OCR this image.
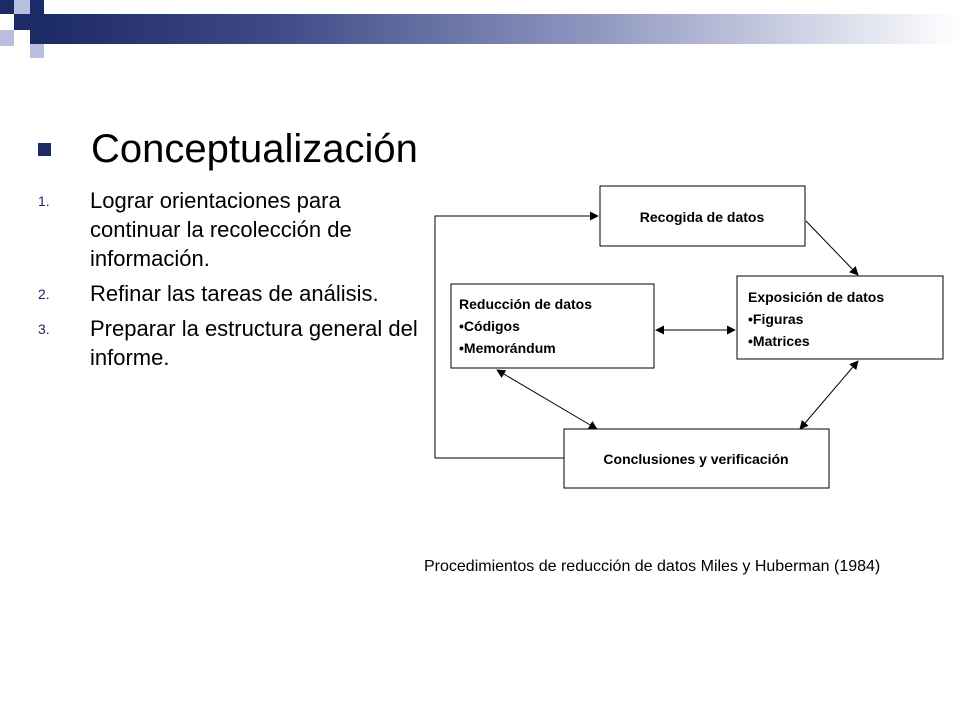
Conceptualización
1.	Lograr orientaciones para continuar la recolección de información.
2.	Refinar las tareas de análisis.
3.	Preparar la estructura general del informe.
Recogida de datos
Exposición de datos
•Figuras
•Matrices
Reducción de datos
•Códigos
•Memorándum
Conclusiones y verificación
Procedimientos de reducción de datos Miles y Huberman (1984)
